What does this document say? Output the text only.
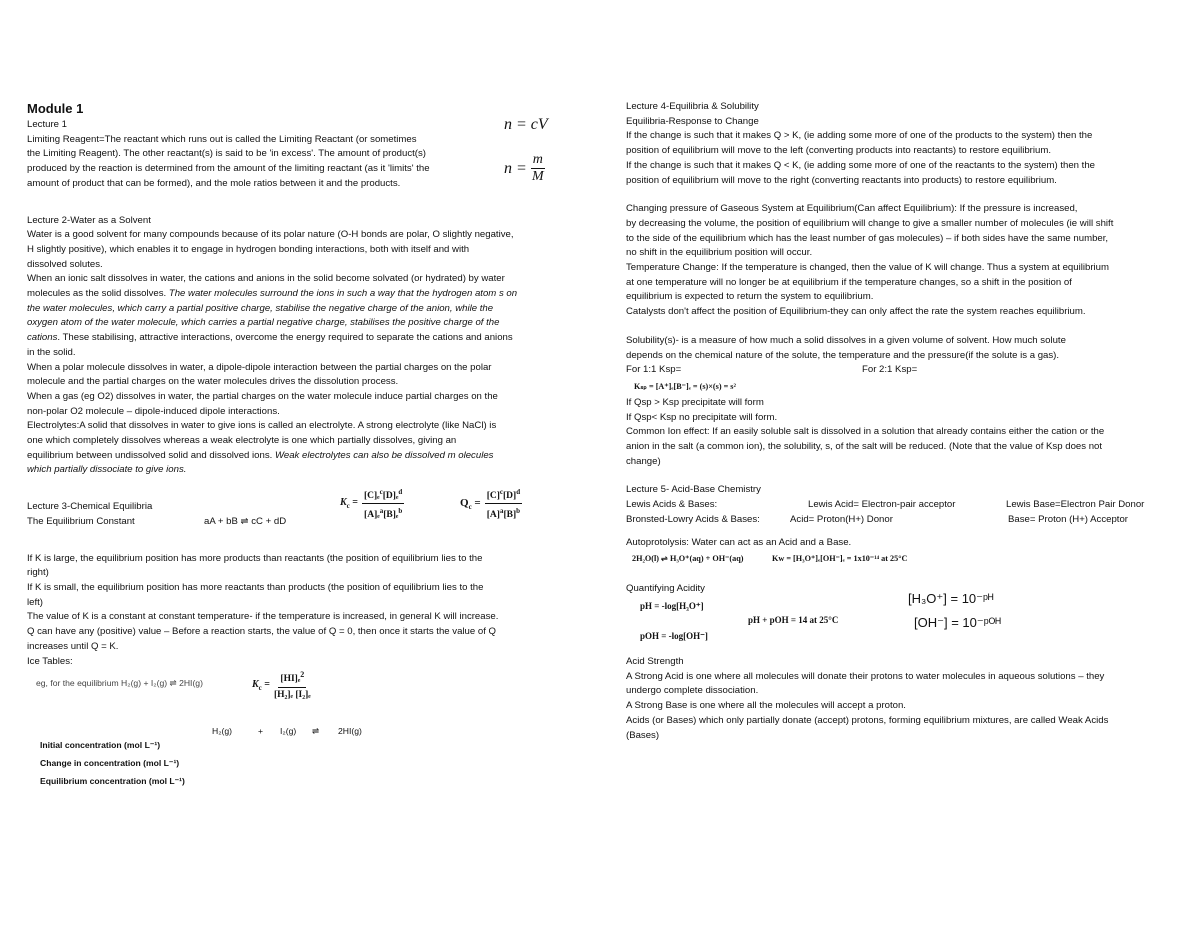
Module 1

Lecture 1

Limiting Reagent=The reactant which runs out is called the Limiting Reactant (or sometimes

the Limiting Reagent). The other reactant(s) is said to be 'in excess'. The amount of product(s)

produced by the reaction is determined from the amount of the limiting reactant (as it 'limits' the

amount of product that can be formed), and the mole ratios between it and the products.

Lecture 2-Water as a Solvent

Water is a good solvent for many compounds because of its polar nature (O-H bonds are polar, O slightly negative,

H slightly positive), which enables it to engage in hydrogen bonding interactions, both with itself and with

dissolved solutes.

When an ionic salt dissolves in water, the cations and anions in the solid become solvated (or hydrated) by water

molecules as the solid dissolves. The water molecules surround the ions in such a way that the hydrogen atom s on

the water molecules, which carry a partial positive charge, stabilise the negative charge of the anion, while the

oxygen atom of the water molecule, which carries a partial negative charge, stabilises the positive charge of the

cations. These stabilising, attractive interactions, overcome the energy required to separate the cations and anions

in the solid.

When a polar molecule dissolves in water, a dipole-dipole interaction between the partial charges on the polar

molecule and the partial charges on the water molecules drives the dissolution process.

When a gas (eg O2) dissolves in water, the partial charges on the water molecule induce partial charges on the

non-polar O2 molecule – dipole-induced dipole interactions.

Electrolytes:A solid that dissolves in water to give ions is called an electrolyte. A strong electrolyte (like NaCl) is

one which completely dissolves whereas a weak electrolyte is one which partially dissolves, giving an

equilibrium between undissolved solid and dissolved ions. Weak electrolytes can also be dissolved m olecules

which partially dissociate to give ions.

Lecture 3-Chemical Equilibria

The Equilibrium Constant	aA + bB ⇌ cC + dD

If K is large, the equilibrium position has more products than reactants (the position of equilibrium lies to the

right)

If K is small, the equilibrium position has more reactants than products (the position of equilibrium lies to the

left)

The value of K is a constant at constant temperature- if the temperature is increased, in general K will increase.

Q can have any (positive) value – Before a reaction starts, the value of Q = 0, then once it starts the value of Q

increases until Q = K.

Ice Tables:

n = cV
$n = \frac{m}{M}$
$K_c = \frac{[C]_e^c[D]_e^d}{[A]_e^a[B]_e^b}$	$Q_c = \frac{[C]^c[D]^d}{[A]^a[B]^b}$
eg, for the equilibrium H₂(g) + I₂(g) ⇌ 2HI(g)	$K_c = \frac{[HI]_e^2}{\text{[H₂]ₑ [I₂]ₑ}}$
H₂(g)	+	I₂(g)	⇌	2HI(g)
Initial concentration (mol L⁻¹)
Change in concentration (mol L⁻¹)
Equilibrium concentration (mol L⁻¹)

Lecture 4-Equilibria & Solubility

Equilibria-Response to Change

If the change is such that it makes Q > K, (ie adding some more of one of the products to the system) then the

position of equilibrium will move to the left (converting products into reactants) to restore equilibrium.

If the change is such that it makes Q < K, (ie adding some more of one of the reactants to the system) then the

position of equilibrium will move to the right (converting reactants into products) to restore equilibrium.

Changing pressure of Gaseous System at Equilibrium(Can affect Equilibrium): If the pressure is increased,

by decreasing the volume, the position of equilibrium will change to give a smaller number of molecules (ie will shift

to the side of the equilibrium which has the least number of gas molecules) – if both sides have the same number,

no shift in the equilibrium position will occur.

Temperature Change: If the temperature is changed, then the value of K will change. Thus a system at equilibrium

at one temperature will no longer be at equilibrium if the temperature changes, so a shift in the position of

equilibrium is expected to return the system to equilibrium.

Catalysts don't affect the position of Equilibrium-they can only affect the rate the system reaches equilibrium.

Solubility(s)- is a measure of how much a solid dissolves in a given volume of solvent. How much solute

depends on the chemical nature of the solute, the temperature and the pressure(if the solute is a gas).

For 1:1 Ksp=	For 2:1 Ksp=

Kₛₚ = [A⁺]ₑ[B⁻]ₑ = (s)×(s) = s²

If Qsp > Ksp precipitate will form

If Qsp< Ksp no precipitate will form.

Common Ion effect: If an easily soluble salt is dissolved in a solution that already contains either the cation or the

anion in the salt (a common ion), the solubility, s, of the salt will be reduced. (Note that the value of Ksp does not

change)

Lecture 5- Acid-Base Chemistry

Lewis Acids & Bases:	Lewis Acid= Electron-pair acceptor	Lewis Base=Electron Pair Donor
Bronsted-Lowry Acids & Bases:	Acid= Proton(H+) Donor	Base= Proton (H+) Acceptor

Autoprotolysis: Water can act as an Acid and a Base.

2H₂O(l) ⇌ H₃O⁺(aq) + OH⁻(aq)	Kw = [H₃O⁺]ₑ[OH⁻]ₑ = 1x10⁻¹⁴ at 25°C

Quantifying Acidity

pH = -log[H₃O⁺]
pH + pOH = 14 at 25°C
pOH = -log[OH⁻]
[H₃O⁺] = 10⁻ᵖᴴ
[OH⁻] = 10⁻ᵖᴼᴴ

Acid Strength

A Strong Acid is one where all molecules will donate their protons to water molecules in aqueous solutions – they

undergo complete dissociation.

A Strong Base is one where all the molecules will accept a proton.

Acids (or Bases) which only partially donate (accept) protons, forming equilibrium mixtures, are called Weak Acids

(Bases)
